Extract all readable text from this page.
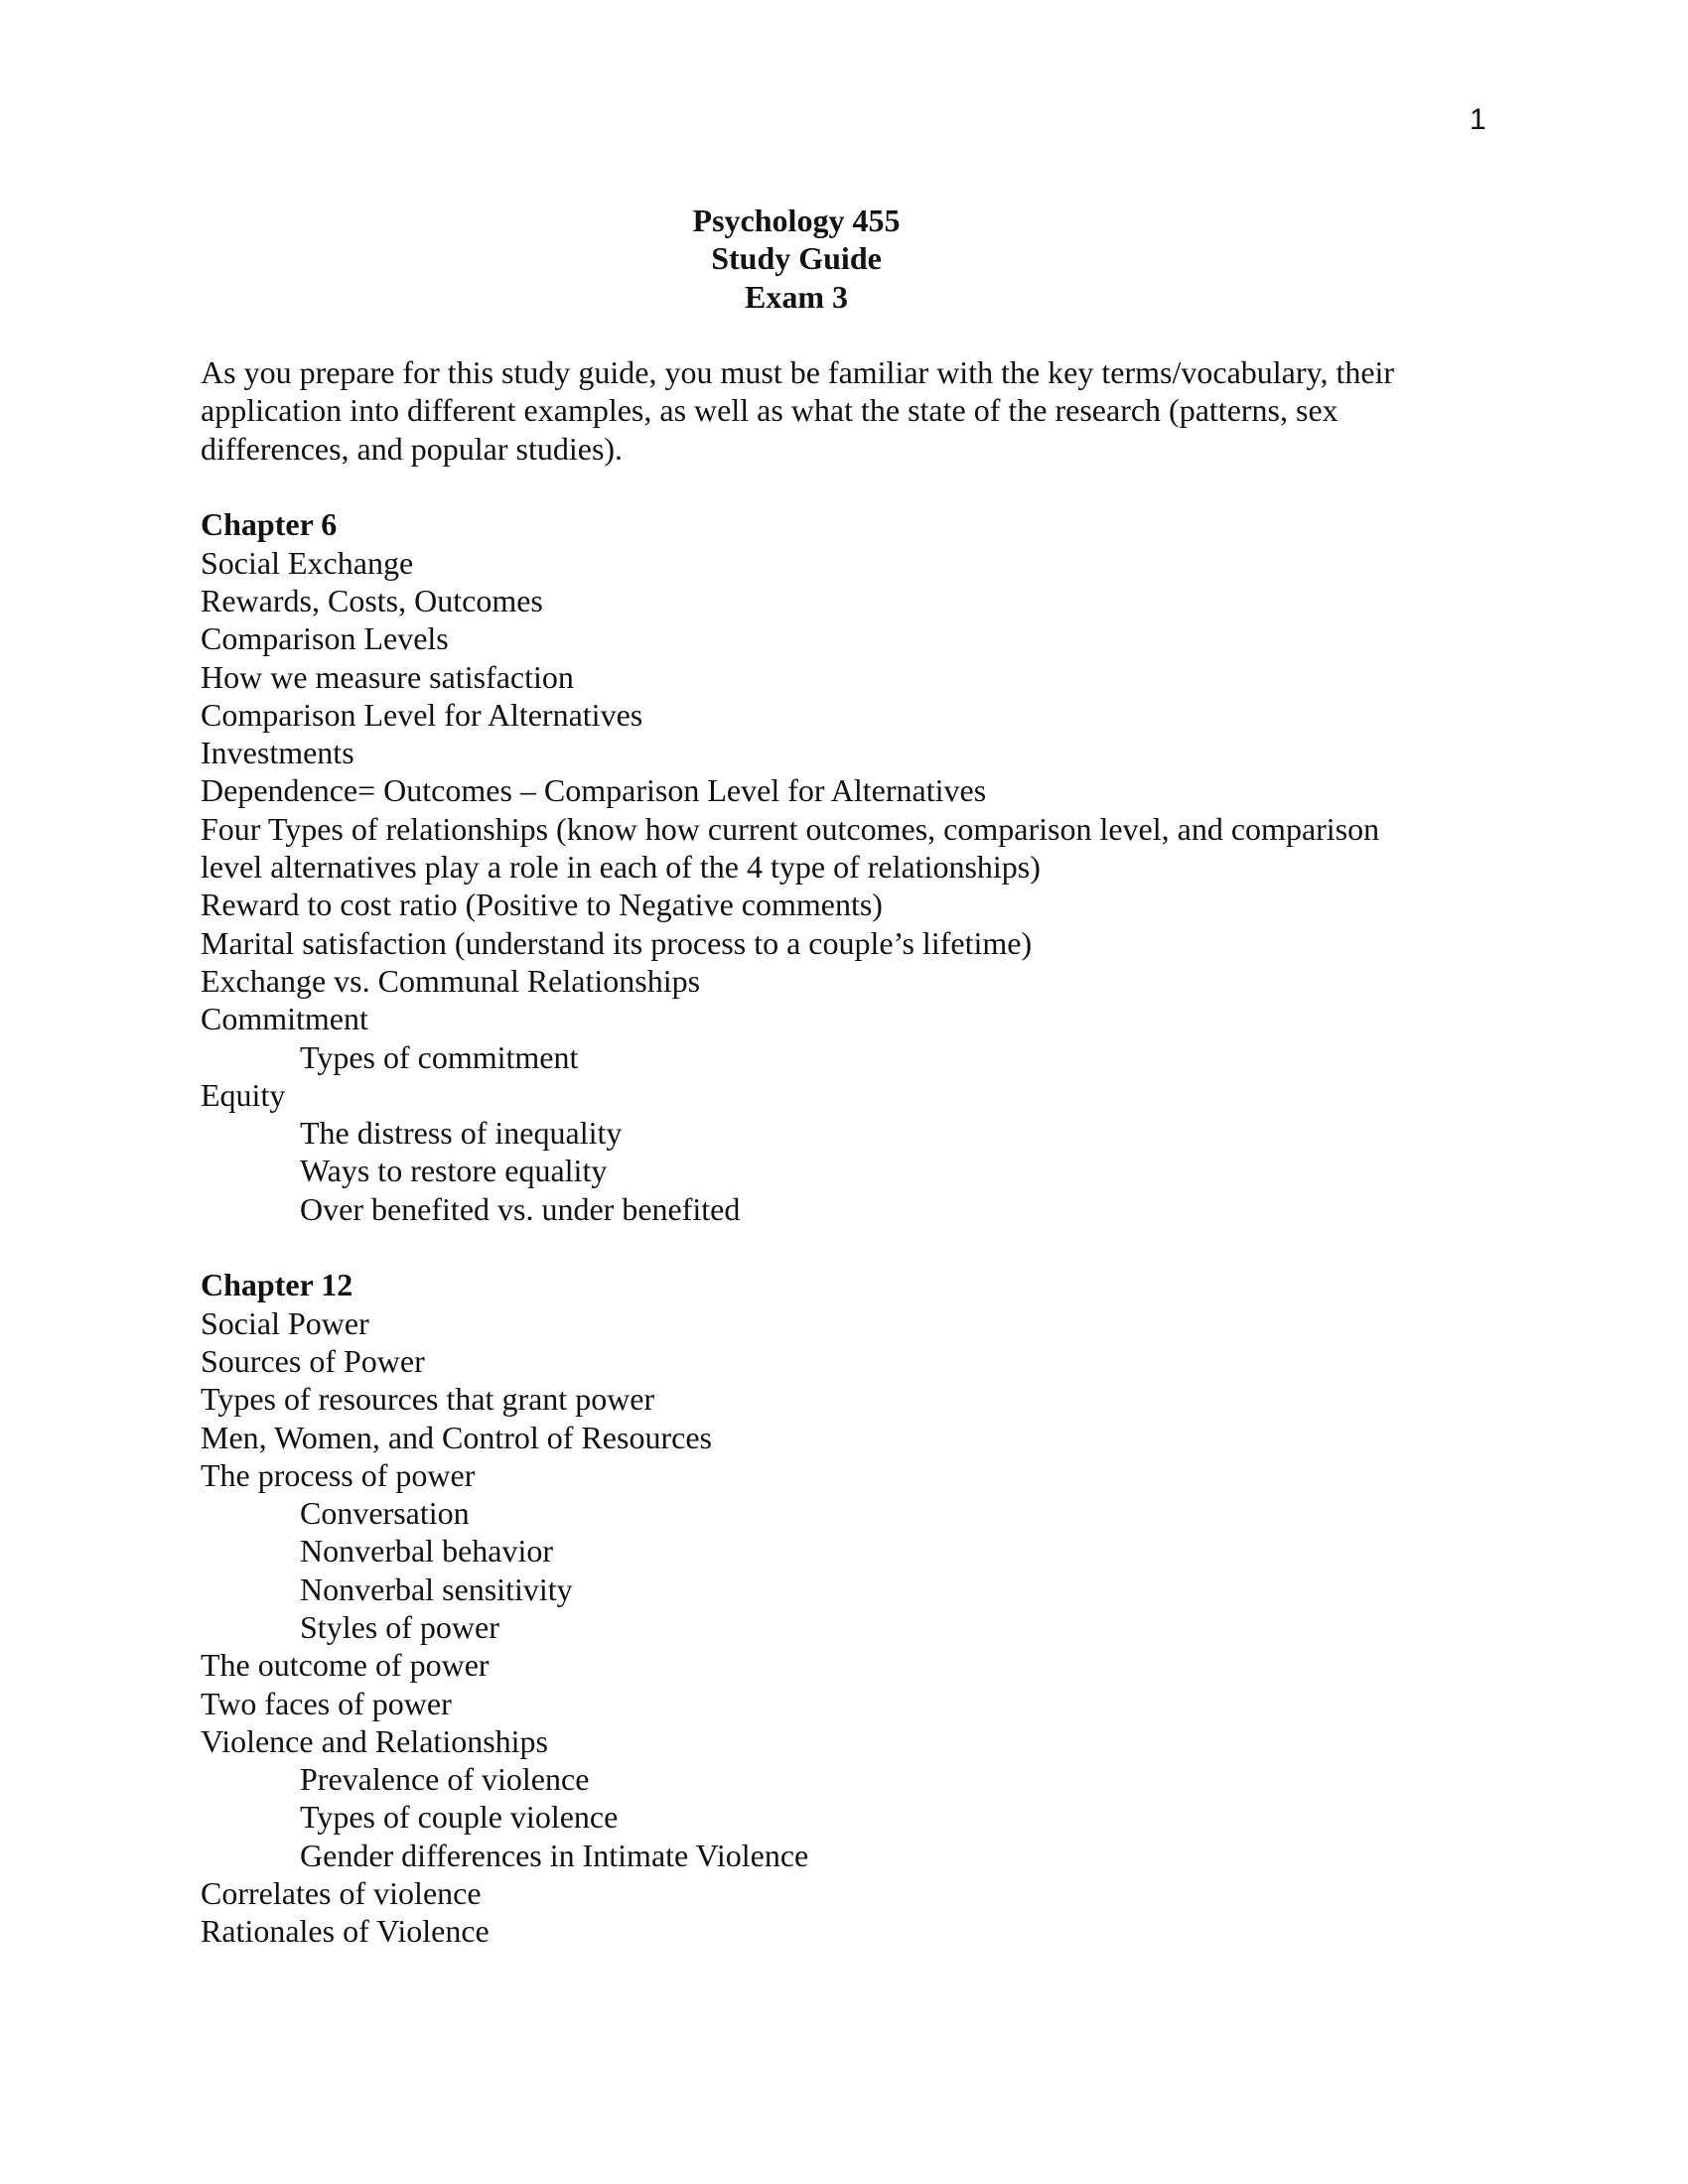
1
Psychology 455
Study Guide
Exam 3
As you prepare for this study guide, you must be familiar with the key terms/vocabulary, their
application into different examples, as well as what the state of the research (patterns, sex
differences, and popular studies).
Chapter 6
Social Exchange
Rewards, Costs, Outcomes
Comparison Levels
How we measure satisfaction
Comparison Level for Alternatives
Investments
Dependence= Outcomes – Comparison Level for Alternatives
Four Types of relationships (know how current outcomes, comparison level, and comparison
level alternatives play a role in each of the 4 type of relationships)
Reward to cost ratio (Positive to Negative comments)
Marital satisfaction (understand its process to a couple’s lifetime)
Exchange vs. Communal Relationships
Commitment
Types of commitment
Equity
The distress of inequality
Ways to restore equality
Over benefited vs. under benefited
Chapter 12
Social Power
Sources of Power
Types of resources that grant power
Men, Women, and Control of Resources
The process of power
Conversation
Nonverbal behavior
Nonverbal sensitivity
Styles of power
The outcome of power
Two faces of power
Violence and Relationships
Prevalence of violence
Types of couple violence
Gender differences in Intimate Violence
Correlates of violence
Rationales of Violence
